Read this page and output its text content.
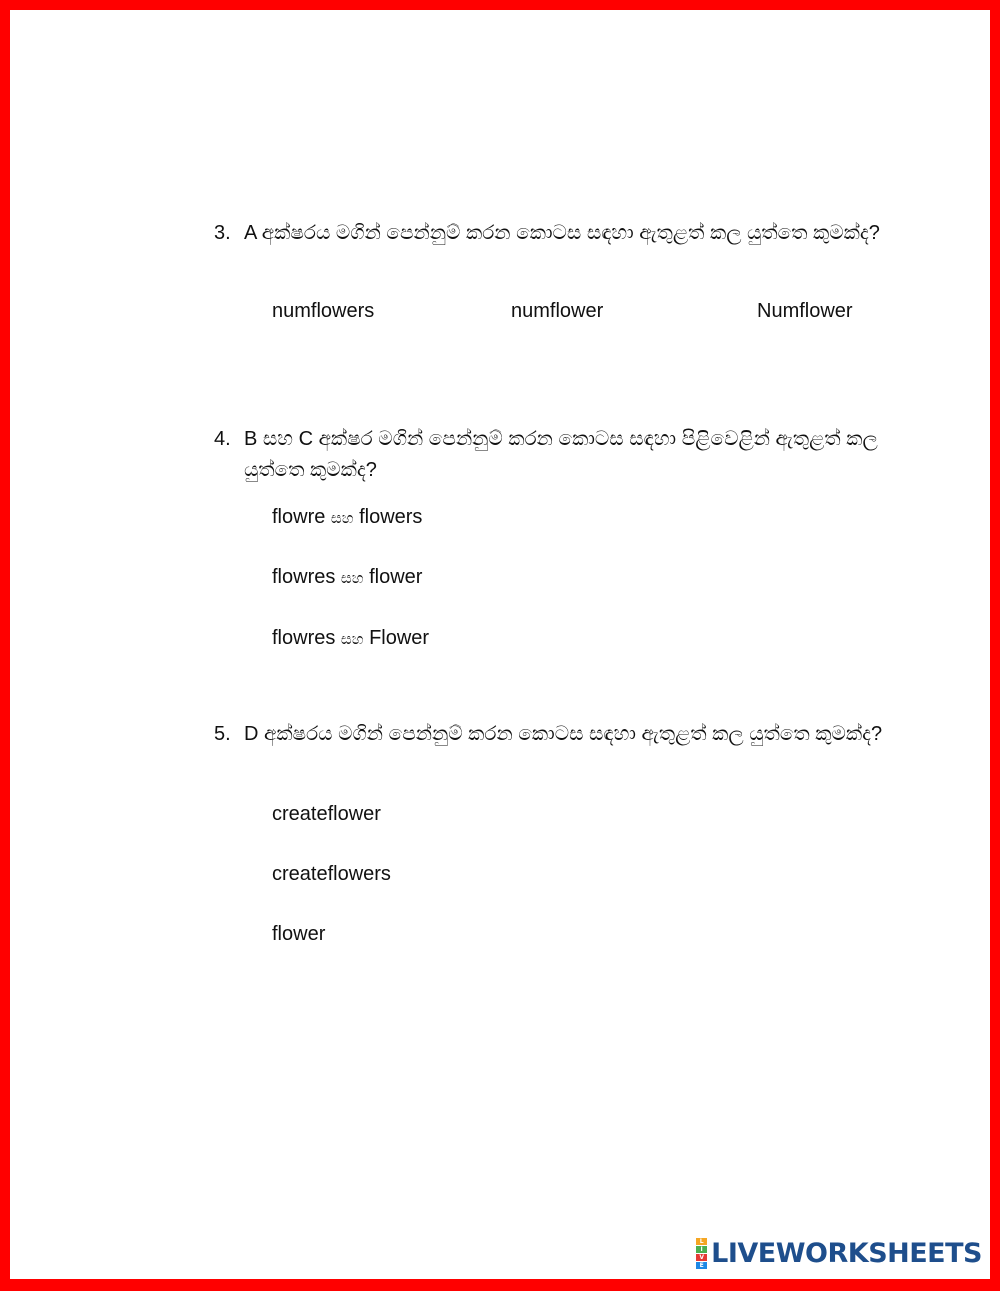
3. A අක්ෂරය මගින් පෙන්නුම් කරන කොටස සඳහා ඇතුළත් කල යුත්තෙ කුමක්ද?
numflowers	numflower	Numflower
4. B සහ C අක්ෂර මගින් පෙන්නුම් කරන කොටස සඳහා පිළිවෙළින් ඇතුළත් කල යුත්තෙ කුමක්ද?
flowre සහ flowers
flowres සහ flower
flowres සහ Flower
5. D අක්ෂරය මගින් පෙන්නුම් කරන කොටස සඳහා ඇතුළත් කල යුත්තෙ කුමක්ද?
createflower
createflowers
flower
L
I
V
E LIVEWORKSHEETS
